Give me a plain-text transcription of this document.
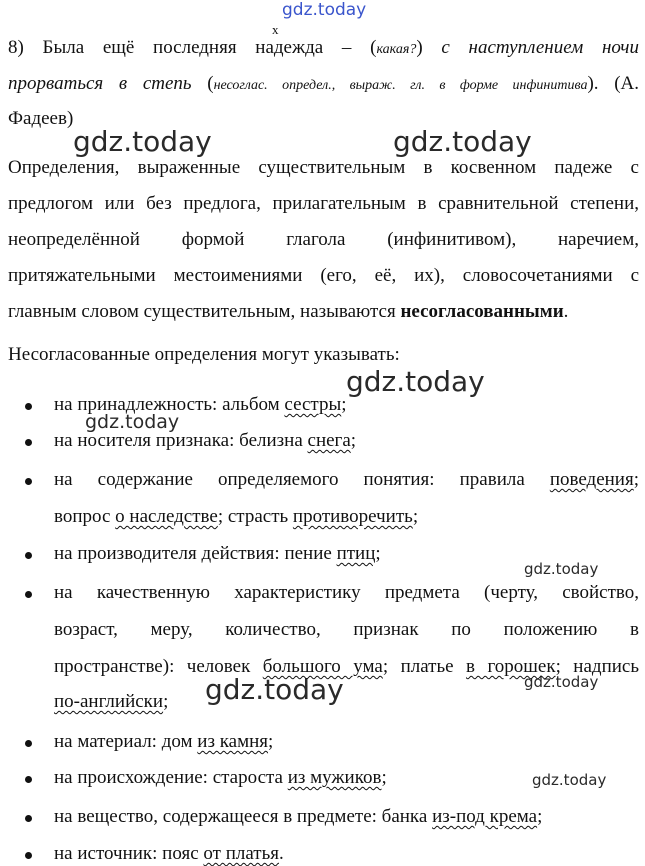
gdz.today
x
gdz.today	gdz.today
gdz.today
gdz.today
gdz.today
gdz.today
gdz.today
gdz.today
8) Была ещё последняя надежда – (какая?) с наступлением ночи
прорваться в степь (несоглас. определ., выраж. гл. в форме инфинитива). (А.
Фадеев)
Определения, выраженные существительным в косвенном падеже с
предлогом или без предлога, прилагательным в сравнительной степени,
неопределённой формой глагола (инфинитивом), наречием,
притяжательными местоимениями (его, её, их), словосочетаниями с
главным словом существительным, называются несогласованными.
Несогласованные определения могут указывать:
на принадлежность: альбом сестры;
на носителя признака: белизна снега;
на содержание определяемого понятия: правила поведения;
вопрос о наследстве; страсть противоречить;
на производителя действия: пение птиц;
на качественную характеристику предмета (черту, свойство,
возраст, меру, количество, признак по положению в
пространстве): человек большого ума; платье в горошек; надпись
по-английски;
на материал: дом из камня;
на происхождение: староста из мужиков;
на вещество, содержащееся в предмете: банка из-под крема;
на источник: пояс от платья.
